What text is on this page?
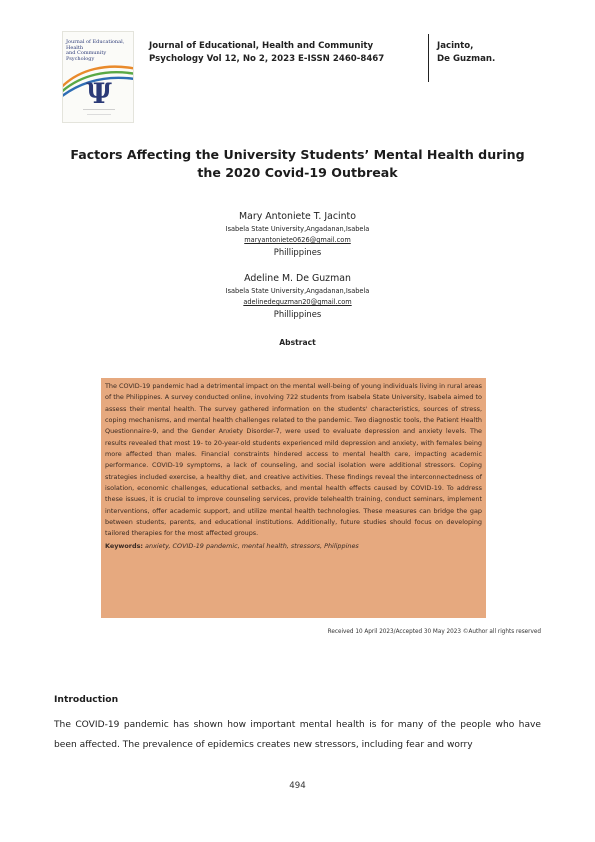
Journal of Educational, Health
and Community Psychology
Ψ
Journal of Educational, Health and Community
Psychology Vol 12, No 2, 2023 E-ISSN 2460-8467
Jacinto,
De Guzman.
Factors Affecting the University Students’ Mental Health during
the 2020 Covid-19 Outbreak
Mary Antoniete T. Jacinto
Isabela State University,Angadanan,Isabela
maryantoniete0626@gmail.com
Phillippines
Adeline M. De Guzman
Isabela State University,Angadanan,Isabela
adelinedeguzman20@gmail.com
Phillippines
Abstract

The COVID-19 pandemic had a detrimental impact on the mental well-being of young individuals living in rural areas of the Philippines. A survey conducted online, involving 722 students from Isabela State University, Isabela aimed to assess their mental health. The survey gathered information on the students' characteristics, sources of stress, coping mechanisms, and mental health challenges related to the pandemic. Two diagnostic tools, the Patient Health Questionnaire-9, and the Gender Anxiety Disorder-7, were used to evaluate depression and anxiety levels. The results revealed that most 19- to 20-year-old students experienced mild depression and anxiety, with females being more affected than males. Financial constraints hindered access to mental health care, impacting academic performance. COVID-19 symptoms, a lack of counseling, and social isolation were additional stressors. Coping strategies included exercise, a healthy diet, and creative activities. These findings reveal the interconnectedness of isolation, economic challenges, educational setbacks, and mental health effects caused by COVID-19. To address these issues, it is crucial to improve counseling services, provide telehealth training, conduct seminars, implement interventions, offer academic support, and utilize mental health technologies. These measures can bridge the gap between students, parents, and educational institutions. Additionally, future studies should focus on developing tailored therapies for the most affected groups.

Keywords: anxiety, COVID-19 pandemic, mental health, stressors, Philippines
Received 10 April 2023/Accepted 30 May 2023 ©Author all rights reserved
Introduction

The COVID-19 pandemic has shown how important mental health is for many of the people who have been affected. The prevalence of epidemics creates new stressors, including fear and worry

494
